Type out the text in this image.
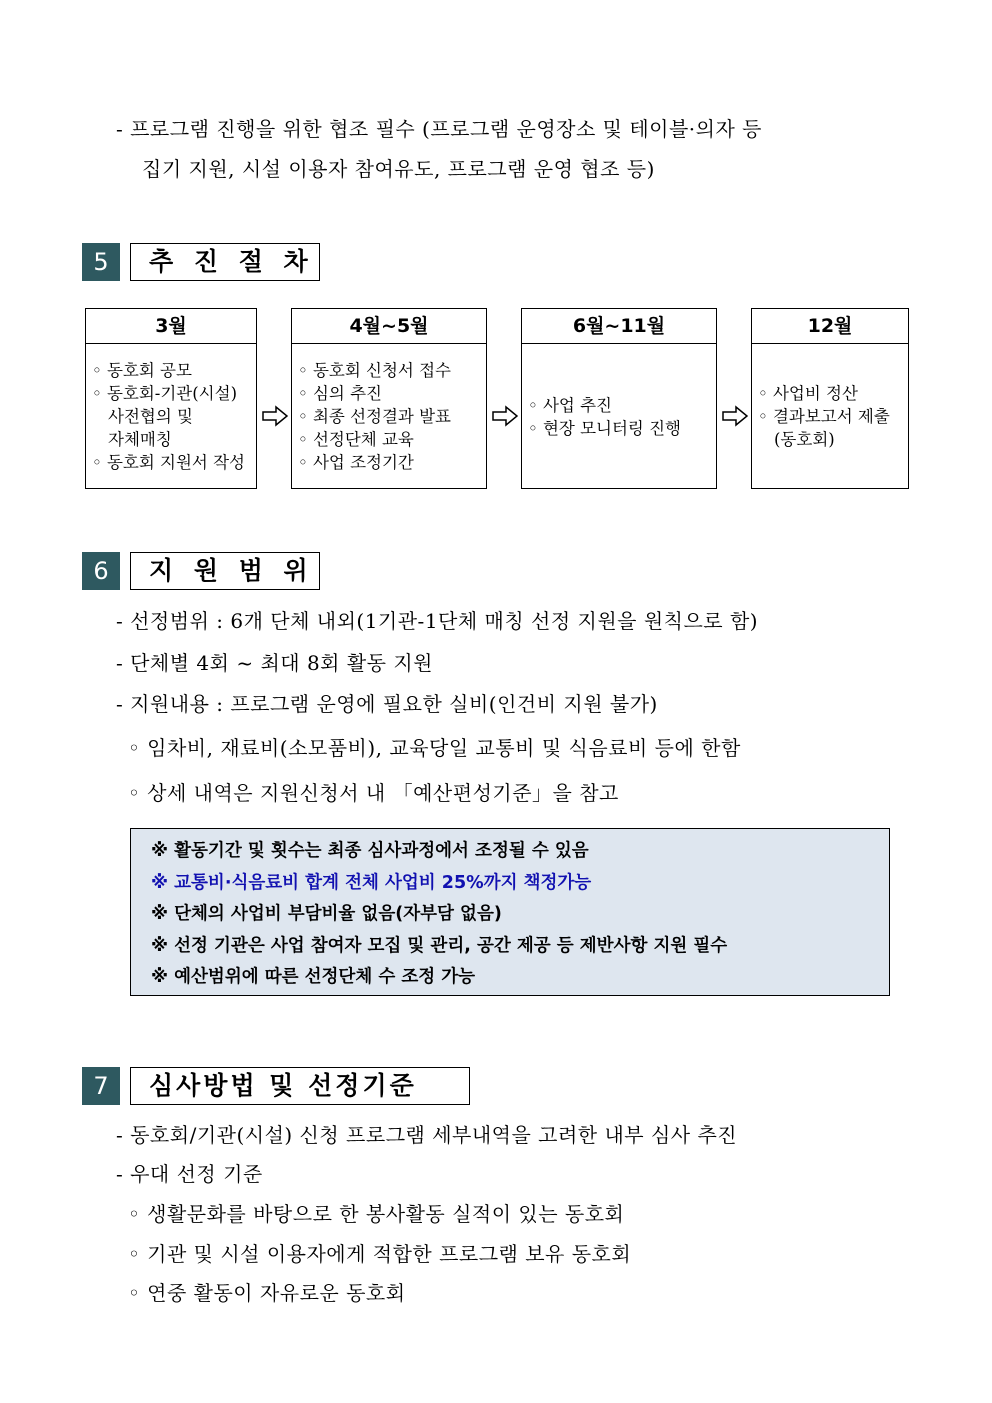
- 프로그램 진행을 위한 협조 필수 (프로그램 운영장소 및 테이블·의자 등
집기 지원, 시설 이용자 참여유도, 프로그램 운영 협조 등)
5	추 진 절 차
3월
◦ 동호회 공모
◦ 동호회-기관(시설)
사전협의 및
자체매칭
◦ 동호회 지원서 작성
4월~5월
◦ 동호회 신청서 접수
◦ 심의 추진
◦ 최종 선정결과 발표
◦ 선정단체 교육
◦ 사업 조정기간
6월~11월
◦ 사업 추진
◦ 현장 모니터링 진행
12월
◦ 사업비 정산
◦ 결과보고서 제출
(동호회)
6	지 원 범 위
- 선정범위 : 6개 단체 내외(1기관-1단체 매칭 선정 지원을 원칙으로 함)
- 단체별 4회 ~ 최대 8회 활동 지원
- 지원내용 : 프로그램 운영에 필요한 실비(인건비 지원 불가)
◦ 임차비, 재료비(소모품비), 교육당일 교통비 및 식음료비 등에 한함
◦ 상세 내역은 지원신청서 내 「예산편성기준」을 참고
※ 활동기간 및 횟수는 최종 심사과정에서 조정될 수 있음
※ 교통비·식음료비 합계 전체 사업비 25%까지 책정가능
※ 단체의 사업비 부담비율 없음(자부담 없음)
※ 선정 기관은 사업 참여자 모집 및 관리, 공간 제공 등 제반사항 지원 필수
※ 예산범위에 따른 선정단체 수 조정 가능
7	심사방법 및 선정기준
- 동호회/기관(시설) 신청 프로그램 세부내역을 고려한 내부 심사 추진
- 우대 선정 기준
◦ 생활문화를 바탕으로 한 봉사활동 실적이 있는 동호회
◦ 기관 및 시설 이용자에게 적합한 프로그램 보유 동호회
◦ 연중 활동이 자유로운 동호회
